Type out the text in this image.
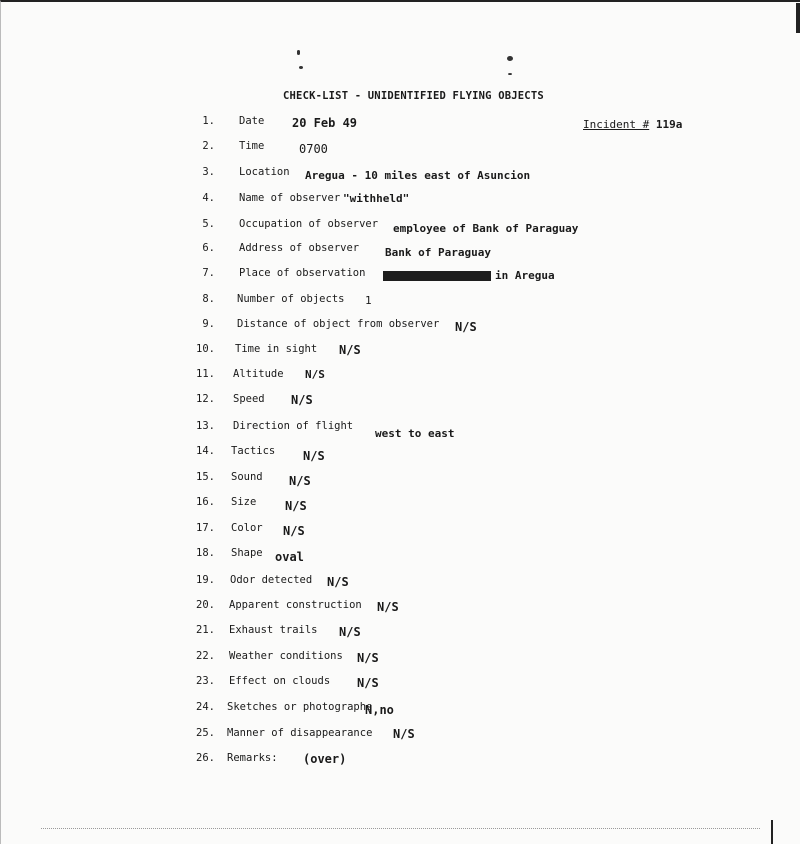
CHECK-LIST - UNIDENTIFIED FLYING OBJECTS
Incident # 119a
1. Date 20 Feb 49
2. Time	0700
3. Location Aregua - 10 miles east of Asuncion
4. Name of observer "withheld"
5. Occupation of observer employee of Bank of Paraguay
6. Address of observer Bank of Paraguay
7. Place of observation	in Aregua
8. Number of objects 1
9. Distance of object from observer N/S
10. Time in sight N/S
11. Altitude N/S
12. Speed N/S
13. Direction of flight
west to east
14. Tactics N/S
15. Sound N/S
16. Size N/S
17. Color N/S
18. Shape oval
19. Odor detected N/S
20. Apparent construction N/S
21. Exhaust trails N/S
22. Weather conditions N/S
23. Effect on clouds N/S
24. Sketches or photographs
N,no
25. Manner of disappearance N/S
26. Remarks: (over)
